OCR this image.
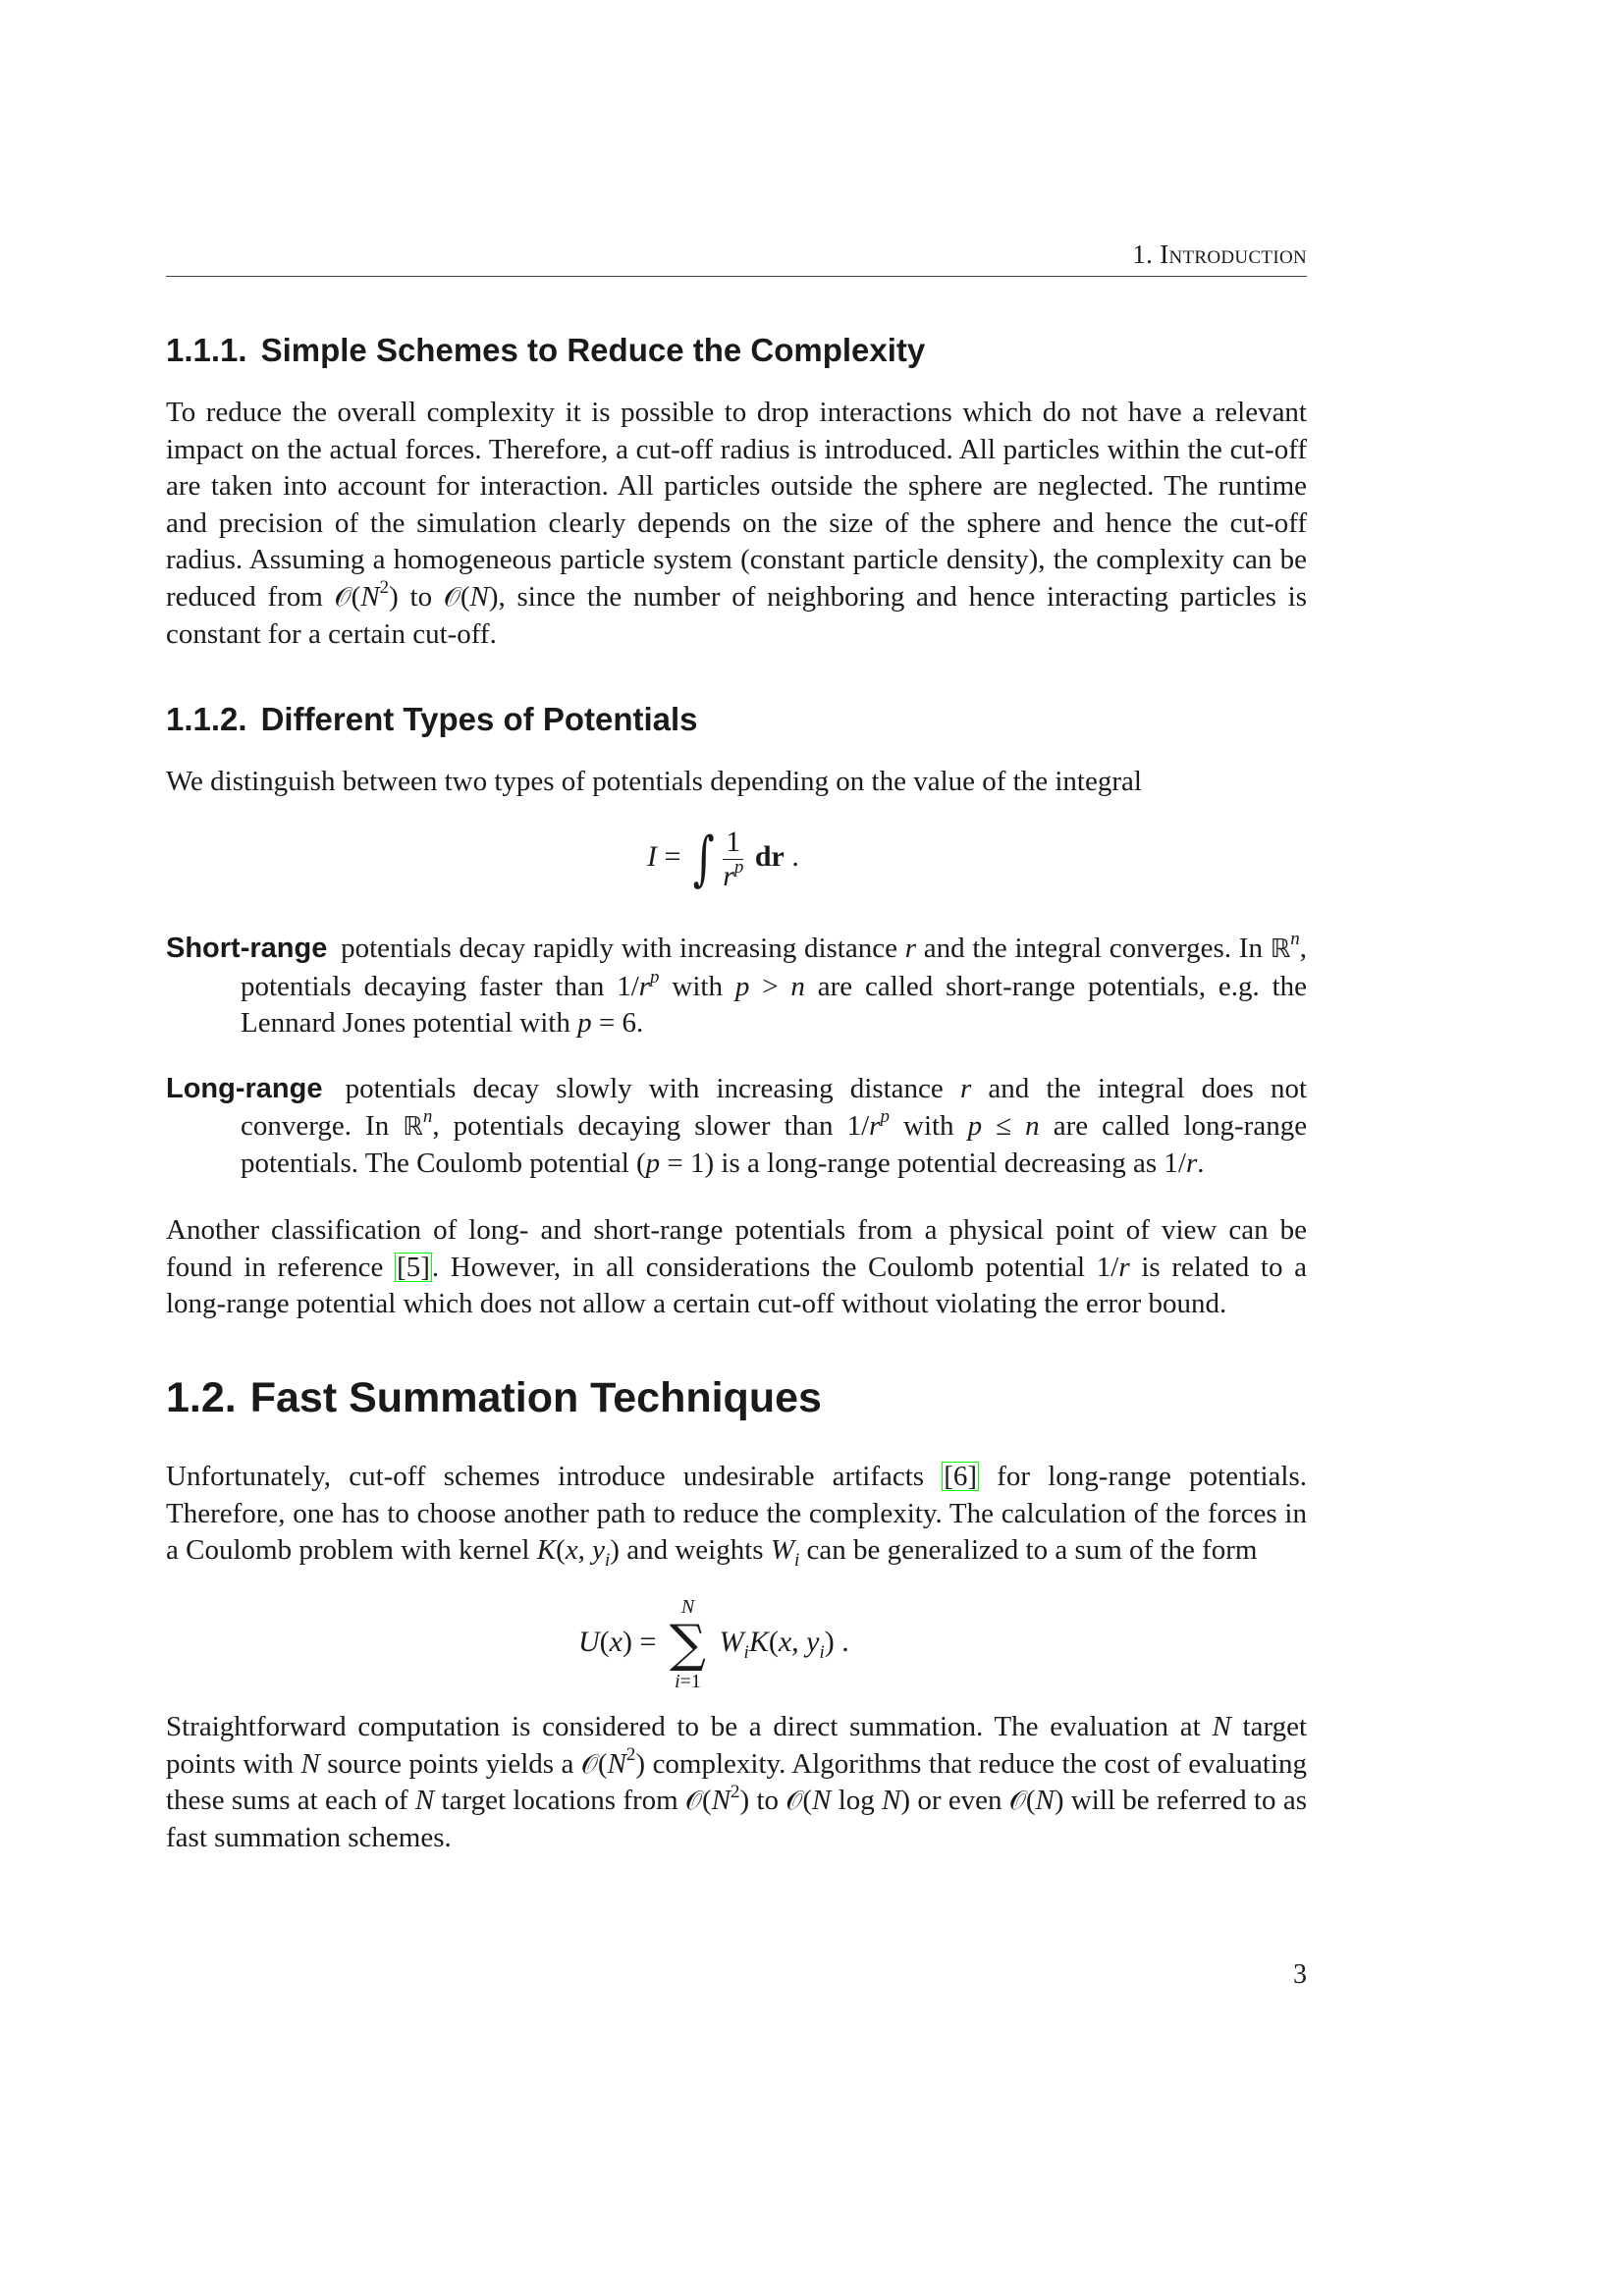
1. Introduction
1.1.1. Simple Schemes to Reduce the Complexity
To reduce the overall complexity it is possible to drop interactions which do not have a relevant impact on the actual forces. Therefore, a cut-off radius is introduced. All particles within the cut-off are taken into account for interaction. All particles outside the sphere are neglected. The runtime and precision of the simulation clearly depends on the size of the sphere and hence the cut-off radius. Assuming a homogeneous particle system (constant particle density), the complexity can be reduced from $𝒪(N^2)$ to 𝒪(N), since the number of neighboring and hence interacting particles is constant for a certain cut-off.
1.1.2. Different Types of Potentials
We distinguish between two types of potentials depending on the value of the integral
I = ∫ $\frac{1}{r^p}$ dr .
Short-range potentials decay rapidly with increasing distance r and the integral converges. In ℝ$^n$, potentials decaying faster than $1/r^p$ with p > n are called short-range potentials, e.g. the Lennard Jones potential with p = 6.
Long-range potentials decay slowly with increasing distance r and the integral does not converge. In ℝ$^n$, potentials decaying slower than $1/r^p$ with p ≤ n are called long-range potentials. The Coulomb potential (p = 1) is a long-range potential decreasing as 1/r.
Another classification of long- and short-range potentials from a physical point of view can be found in reference [5]. However, in all considerations the Coulomb potential 1/r is related to a long-range potential which does not allow a certain cut-off without violating the error bound.
1.2. Fast Summation Techniques
Unfortunately, cut-off schemes introduce undesirable artifacts [6] for long-range potentials. Therefore, one has to choose another path to reduce the complexity. The calculation of the forces in a Coulomb problem with kernel K(x, $y_i$) and weights $W_i$ can be generalized to a sum of the form
U(x) =
N
∑
i=1
$W_iK(x$, $y_i$) .
Straightforward computation is considered to be a direct summation. The evaluation at N target points with N source points yields a $𝒪(N^2)$ complexity. Algorithms that reduce the cost of evaluating these sums at each of N target locations from $𝒪(N^2)$ to 𝒪(N log N) or even 𝒪(N) will be referred to as fast summation schemes.
3
